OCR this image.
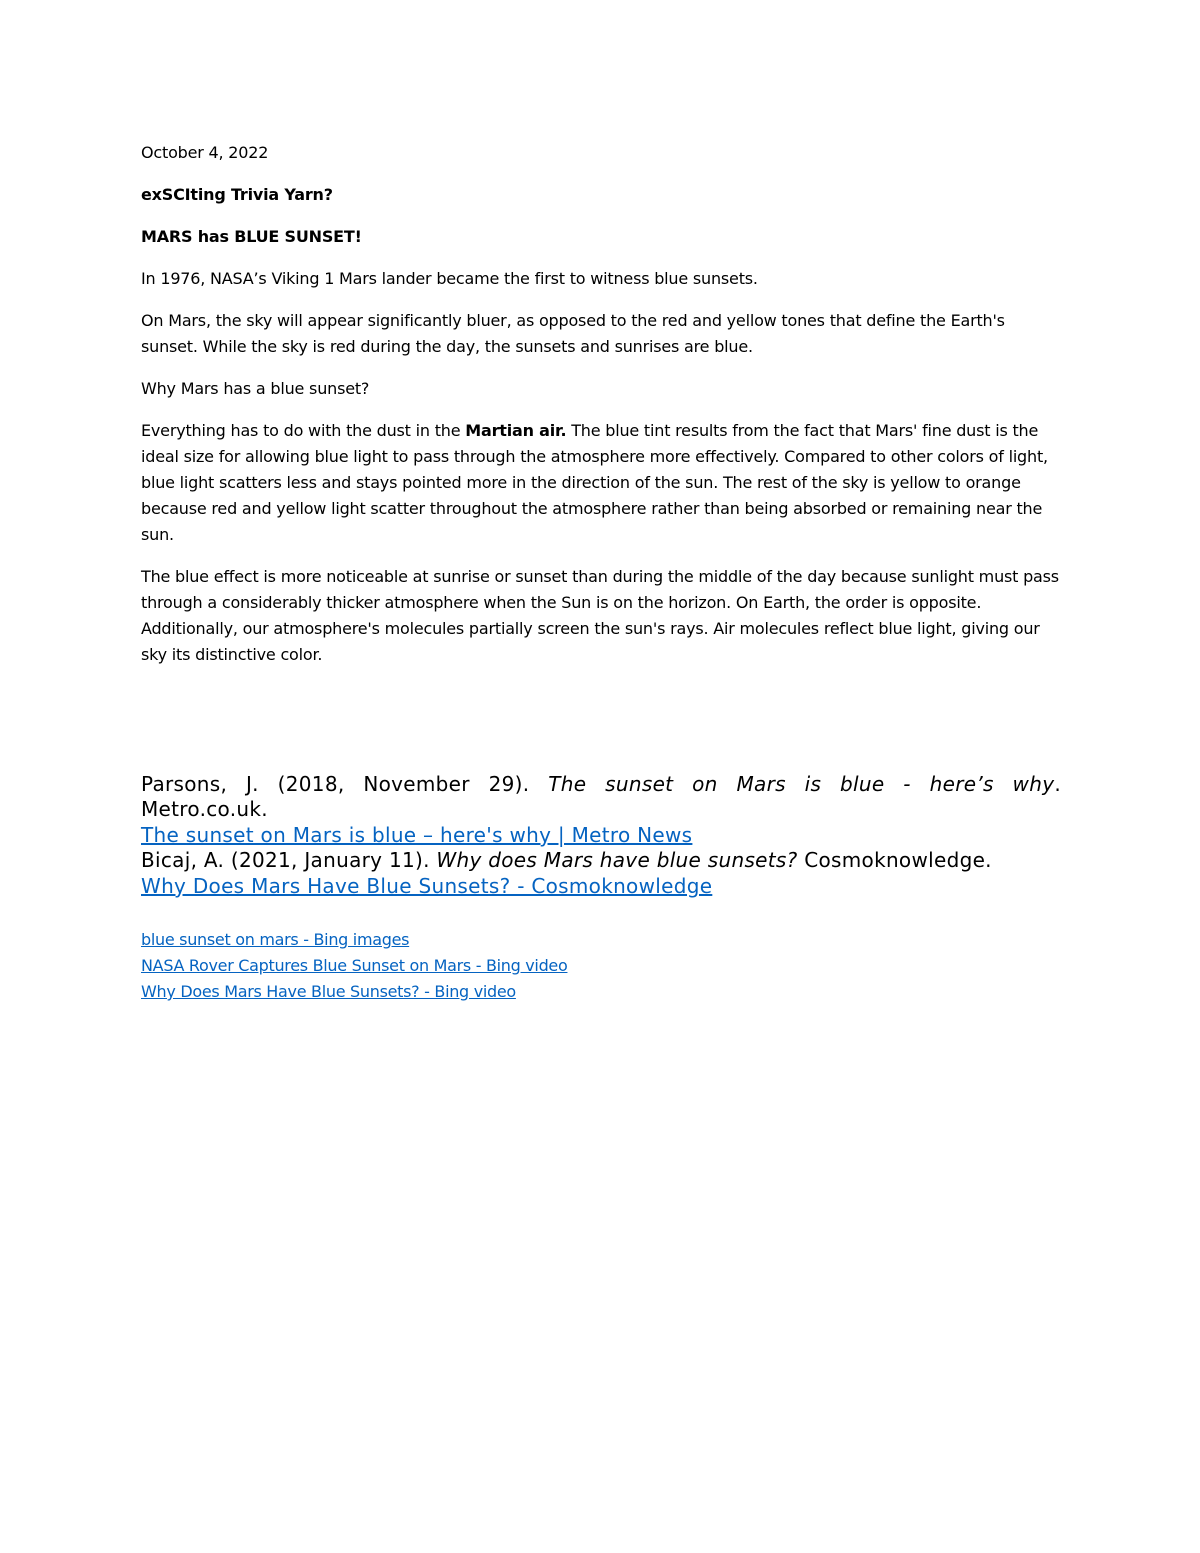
October 4, 2022

exSCIting Trivia Yarn?

MARS has BLUE SUNSET!

In 1976, NASA’s Viking 1 Mars lander became the first to witness blue sunsets.

On Mars, the sky will appear significantly bluer, as opposed to the red and yellow tones that define the Earth's sunset. While the sky is red during the day, the sunsets and sunrises are blue.

Why Mars has a blue sunset?

Everything has to do with the dust in the Martian air. The blue tint results from the fact that Mars' fine dust is the ideal size for allowing blue light to pass through the atmosphere more effectively. Compared to other colors of light, blue light scatters less and stays pointed more in the direction of the sun. The rest of the sky is yellow to orange because red and yellow light scatter throughout the atmosphere rather than being absorbed or remaining near the sun.

The blue effect is more noticeable at sunrise or sunset than during the middle of the day because sunlight must pass through a considerably thicker atmosphere when the Sun is on the horizon. On Earth, the order is opposite. Additionally, our atmosphere's molecules partially screen the sun's rays. Air molecules reflect blue light, giving our sky its distinctive color.

Parsons, J. (2018, November 29). The sunset on Mars is blue - here’s why.

Metro.co.uk.

The sunset on Mars is blue – here's why | Metro News

Bicaj, A. (2021, January 11). Why does Mars have blue sunsets? Cosmoknowledge.

Why Does Mars Have Blue Sunsets? - Cosmoknowledge
blue sunset on mars - Bing images
NASA Rover Captures Blue Sunset on Mars - Bing video
Why Does Mars Have Blue Sunsets? - Bing video
